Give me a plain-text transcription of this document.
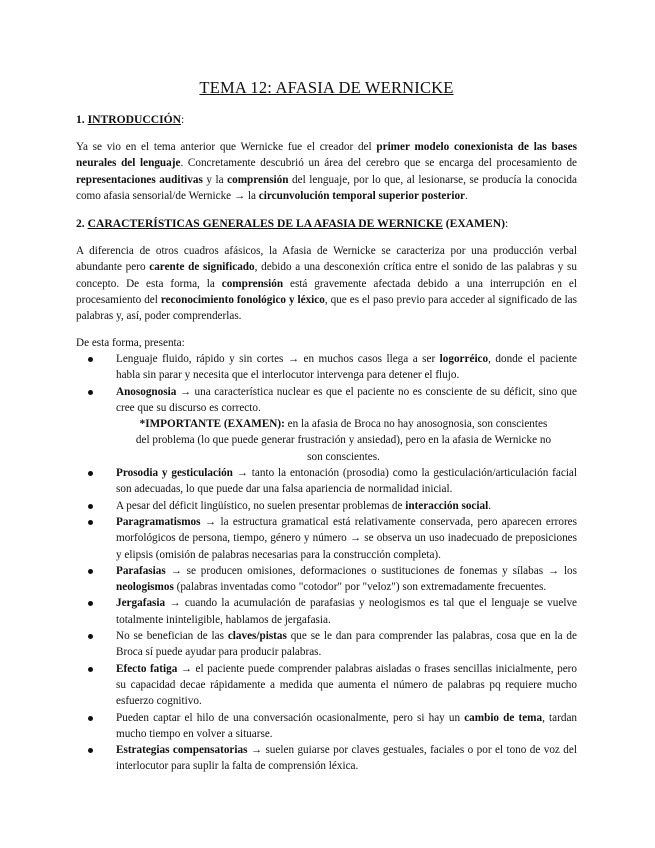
TEMA 12: AFASIA DE WERNICKE
1. INTRODUCCIÓN:

Ya se vio en el tema anterior que Wernicke fue el creador del primer modelo conexionista de las bases neurales del lenguaje. Concretamente descubrió un área del cerebro que se encarga del procesamiento de representaciones auditivas y la comprensión del lenguaje, por lo que, al lesionarse, se producía la conocida como afasia sensorial/de Wernicke → la circunvolución temporal superior posterior.

2. CARACTERÍSTICAS GENERALES DE LA AFASIA DE WERNICKE (EXAMEN):

A diferencia de otros cuadros afásicos, la Afasia de Wernicke se caracteriza por una producción verbal abundante pero carente de significado, debido a una desconexión crítica entre el sonido de las palabras y su concepto. De esta forma, la comprensión está gravemente afectada debido a una interrupción en el procesamiento del reconocimiento fonológico y léxico, que es el paso previo para acceder al significado de las palabras y, así, poder comprenderlas.

De esta forma, presenta:

Lenguaje fluido, rápido y sin cortes → en muchos casos llega a ser logorréico, donde el paciente habla sin parar y necesita que el interlocutor intervenga para detener el flujo.
Anosognosia → una característica nuclear es que el paciente no es consciente de su déficit, sino que cree que su discurso es correcto.
*IMPORTANTE (EXAMEN): en la afasia de Broca no hay anosognosia, son conscientes del problema (lo que puede generar frustración y ansiedad), pero en la afasia de Wernicke no son conscientes.
Prosodia y gesticulación → tanto la entonación (prosodia) como la gesticulación/articulación facial son adecuadas, lo que puede dar una falsa apariencia de normalidad inicial.
A pesar del déficit lingüístico, no suelen presentar problemas de interacción social.
Paragramatismos → la estructura gramatical está relativamente conservada, pero aparecen errores morfológicos de persona, tiempo, género y número → se observa un uso inadecuado de preposiciones y elipsis (omisión de palabras necesarias para la construcción completa).
Parafasias → se producen omisiones, deformaciones o sustituciones de fonemas y sílabas → los neologismos (palabras inventadas como "cotodor" por "veloz") son extremadamente frecuentes.
Jergafasia → cuando la acumulación de parafasias y neologismos es tal que el lenguaje se vuelve totalmente ininteligible, hablamos de jergafasia.
No se benefician de las claves/pistas que se le dan para comprender las palabras, cosa que en la de Broca sí puede ayudar para producir palabras.
Efecto fatiga → el paciente puede comprender palabras aisladas o frases sencillas inicialmente, pero su capacidad decae rápidamente a medida que aumenta el número de palabras pq requiere mucho esfuerzo cognitivo.
Pueden captar el hilo de una conversación ocasionalmente, pero si hay un cambio de tema, tardan mucho tiempo en volver a situarse.
Estrategias compensatorias → suelen guiarse por claves gestuales, faciales o por el tono de voz del interlocutor para suplir la falta de comprensión léxica.
